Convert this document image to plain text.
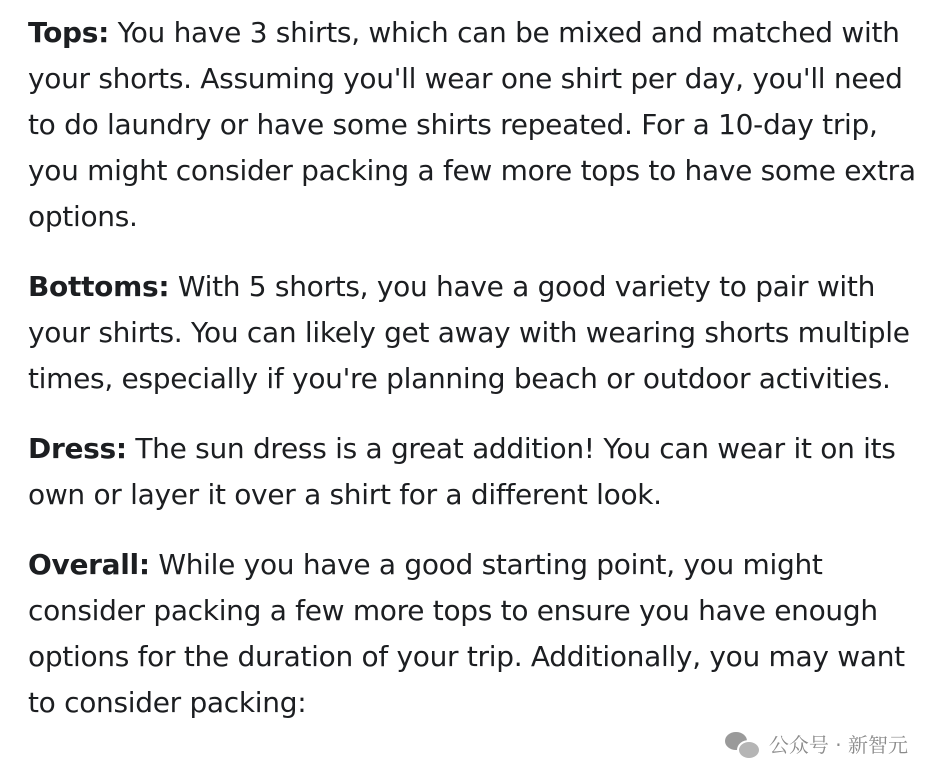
Tops: You have 3 shirts, which can be mixed and matched with your shorts. Assuming you'll wear one shirt per day, you'll need to do laundry or have some shirts repeated. For a 10-day trip, you might consider packing a few more tops to have some extra options.

Bottoms: With 5 shorts, you have a good variety to pair with your shirts. You can likely get away with wearing shorts multiple times, especially if you're planning beach or outdoor activities.

Dress: The sun dress is a great addition! You can wear it on its own or layer it over a shirt for a different look.

Overall: While you have a good starting point, you might consider packing a few more tops to ensure you have enough options for the duration of your trip. Additionally, you may want to consider packing:

公众号 · 新智元
